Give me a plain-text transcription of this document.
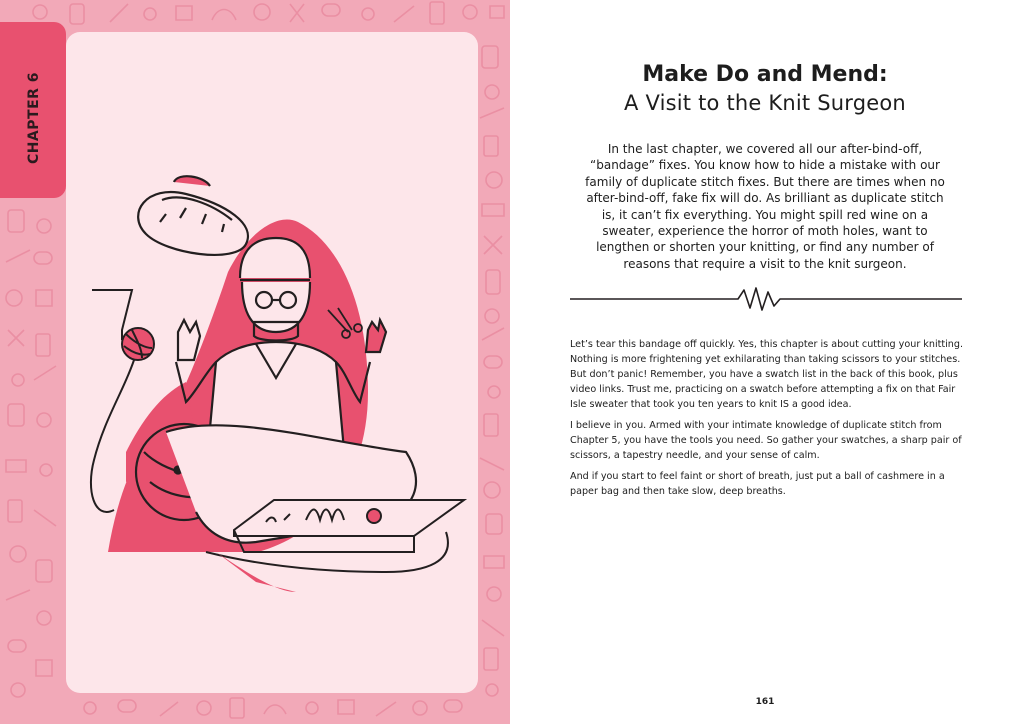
CHAPTER 6	Make Do and Mend:
A Visit to the Knit Surgeon
In the last chapter, we covered all our after-bind-off, “bandage” fixes. You know how to hide a mistake with our family of duplicate stitch fixes. But there are times when no after-bind-off, fake fix will do. As brilliant as duplicate stitch is, it can’t fix everything. You might spill red wine on a sweater, experience the horror of moth holes, want to lengthen or shorten your knitting, or find any number of reasons that require a visit to the knit surgeon.

Let’s tear this bandage off quickly. Yes, this chapter is about cutting your knitting. Nothing is more frightening yet exhilarating than taking scissors to your stitches. But don’t panic! Remember, you have a swatch list in the back of this book, plus video links. Trust me, practicing on a swatch before attempting a fix on that Fair Isle sweater that took you ten years to knit IS a good idea.

I believe in you. Armed with your intimate knowledge of duplicate stitch from Chapter 5, you have the tools you need. So gather your swatches, a sharp pair of scissors, a tapestry needle, and your sense of calm.

And if you start to feel faint or short of breath, just put a ball of cashmere in a paper bag and then take slow, deep breaths.

161
